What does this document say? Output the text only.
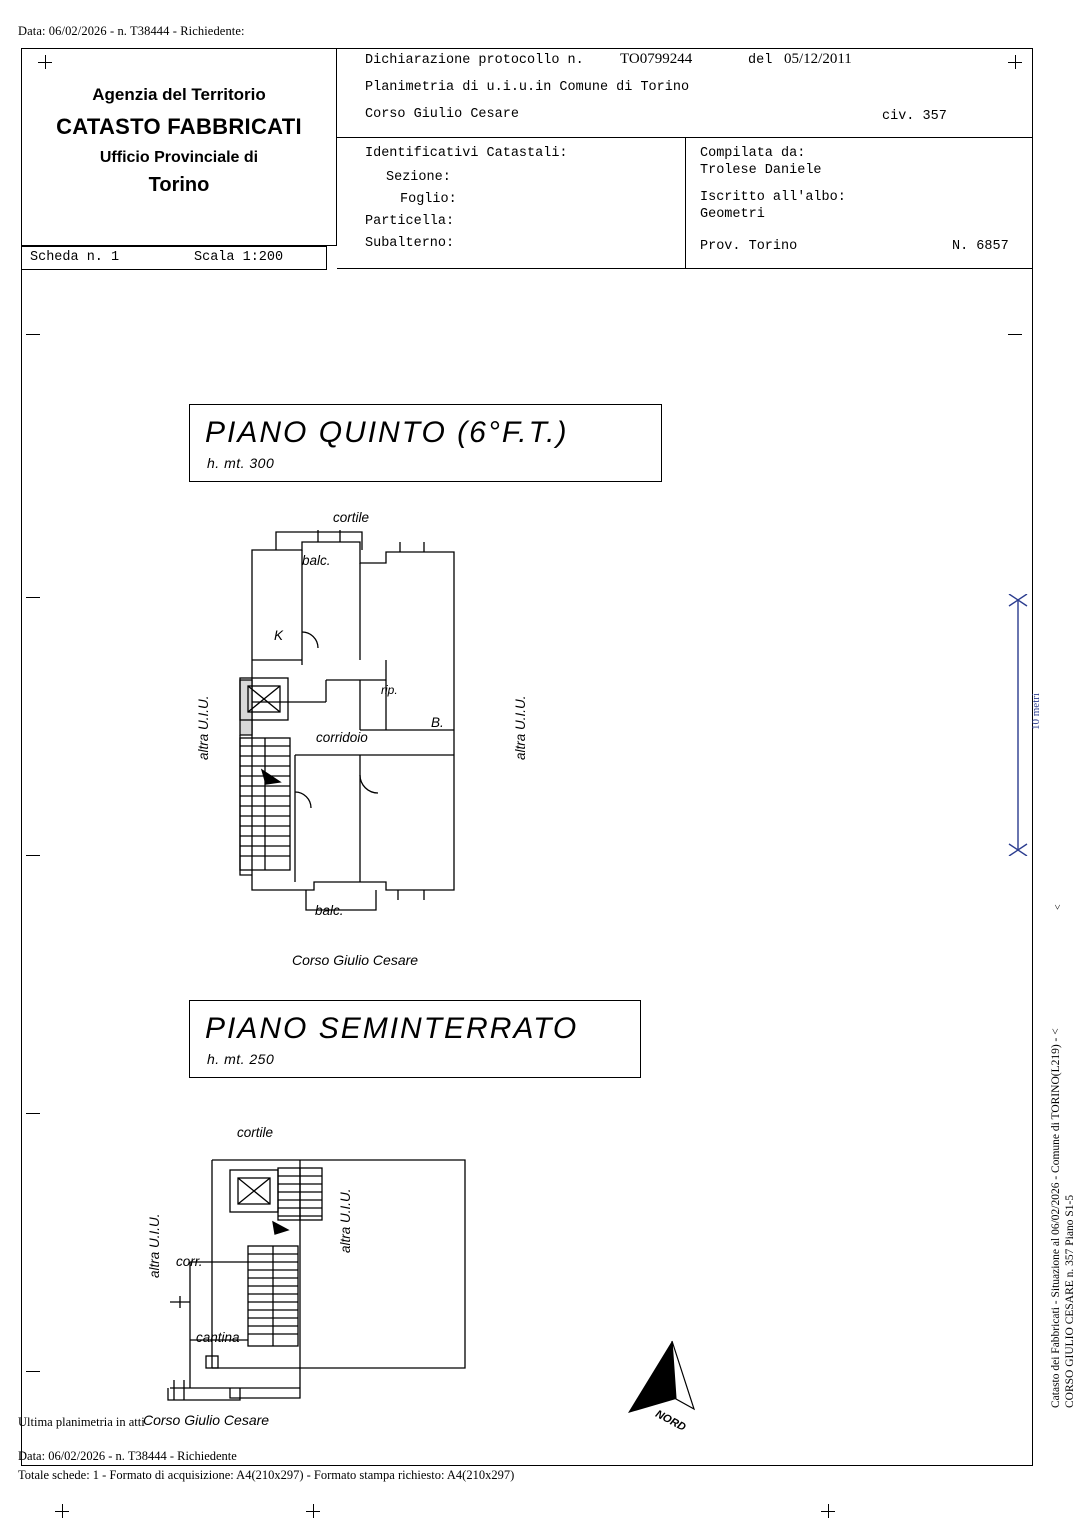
Data: 06/02/2026 - n. T38444 - Richiedente:
Agenzia del Territorio
CATASTO FABBRICATI
Ufficio Provinciale di
Torino
Scheda n. 1	Scala 1:200
Dichiarazione protocollo n. TO0799244	del 05/12/2011
Planimetria di u.i.u.in Comune di Torino
Corso Giulio Cesare	civ. 357
Identificativi Catastali:
Sezione:
Foglio:
Particella:
Subalterno:
Compilata da:
Trolese Daniele
Iscritto all'albo:
Geometri
Prov. Torino	N. 6857
PIANO QUINTO (6°F.T.)
h. mt. 300
cortile
balc.
K
rip.
B.
corridoio
balc.
altra U.I.U.	altra U.I.U.
Corso Giulio Cesare
PIANO SEMINTERRATO
h. mt. 250
cortile
corr.
cantina
altra U.I.U.	altra U.I.U.
Corso Giulio Cesare	NORD
10 metri
Catasto dei Fabbricati - Situazione al 06/02/2026 - Comune di TORINO(L219) - < CORSO GIULIO CESARE n. 357 Piano S1-5
<
Ultima planimetria in atti
Data: 06/02/2026 - n. T38444 - Richiedente
Totale schede: 1 - Formato di acquisizione: A4(210x297) - Formato stampa richiesto: A4(210x297)
